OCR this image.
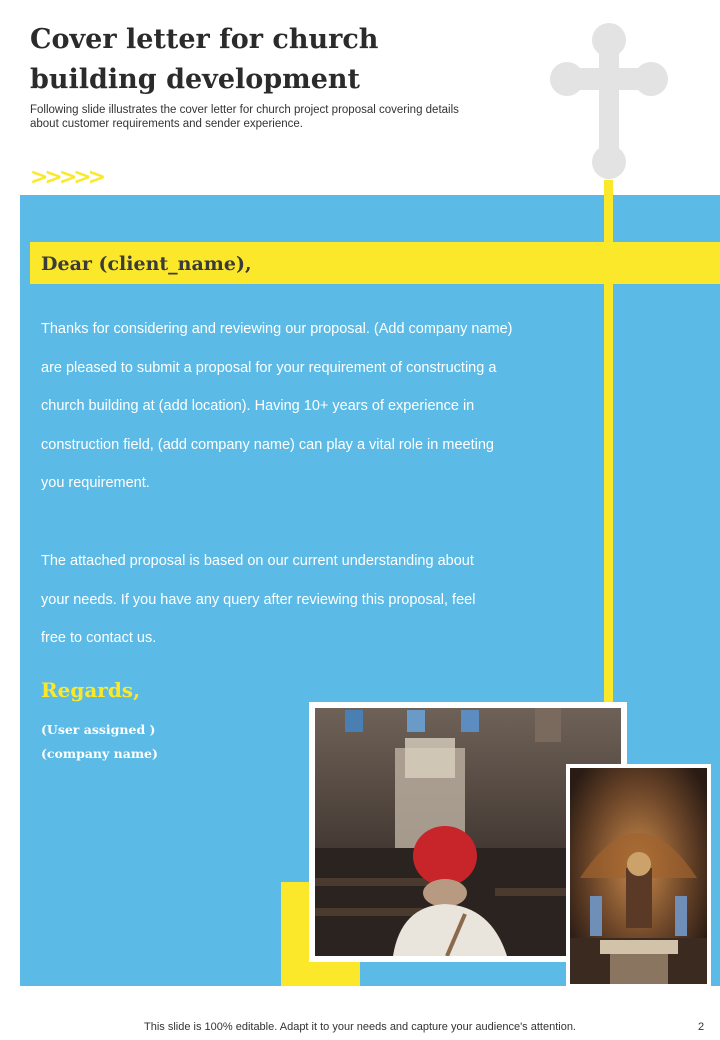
Cover letter for church building development
Following slide illustrates the cover letter for church project proposal covering details about customer requirements and sender experience.
>>>>>
Dear (client_name),

Thanks for considering and reviewing our proposal. (Add company name) are pleased to submit a proposal for your requirement of constructing a church building at (add location). Having 10+ years of experience in construction field, (add company name) can play a vital role in meeting you requirement.

The attached proposal is based on our current understanding about your needs. If you have any query after reviewing this proposal, feel free to contact us.

Regards,
(User assigned )
(company name)
This slide is 100% editable. Adapt it to your needs and capture your audience's attention.	2
